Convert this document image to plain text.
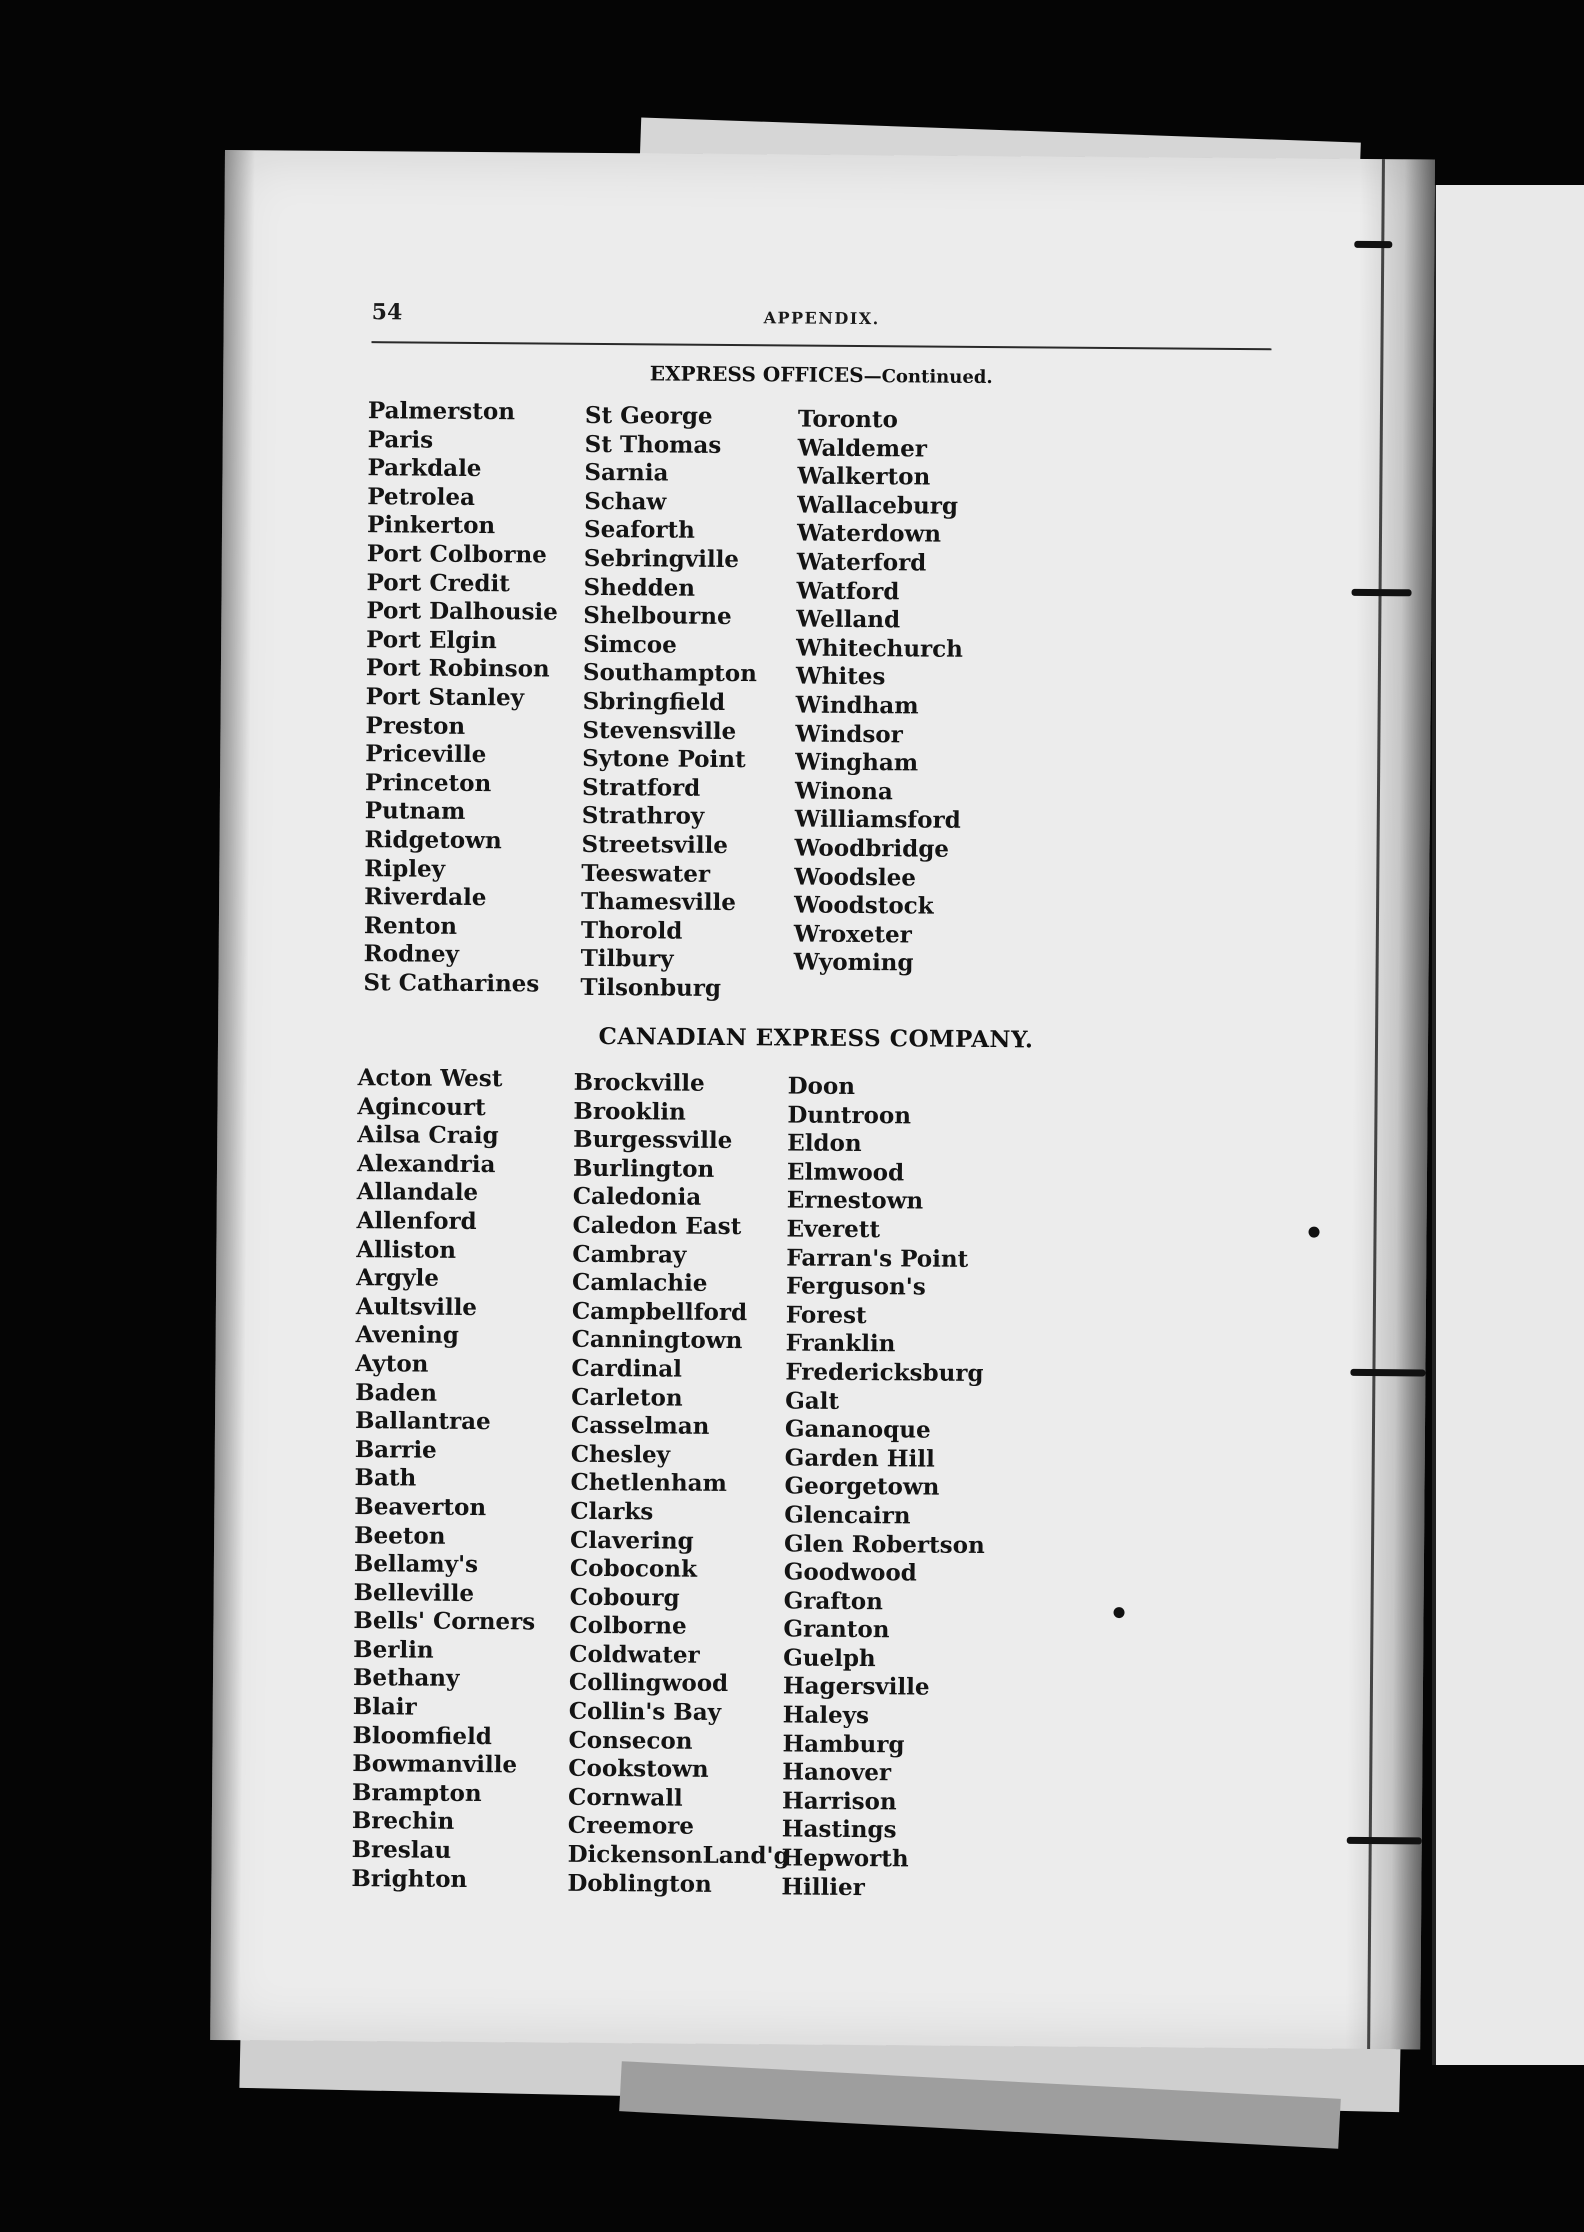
54	APPENDIX.
EXPRESS OFFICES—Continued.
Palmerston
Paris
Parkdale
Petrolea
Pinkerton
Port Colborne
Port Credit
Port Dalhousie
Port Elgin
Port Robinson
Port Stanley
Preston
Priceville
Princeton
Putnam
Ridgetown
Ripley
Riverdale
Renton
Rodney
St Catharines
St George
St Thomas
Sarnia
Schaw
Seaforth
Sebringville
Shedden
Shelbourne
Simcoe
Southampton
Sbringfield
Stevensville
Sytone Point
Stratford
Strathroy
Streetsville
Teeswater
Thamesville
Thorold
Tilbury
Tilsonburg
Toronto
Waldemer
Walkerton
Wallaceburg
Waterdown
Waterford
Watford
Welland
Whitechurch
Whites
Windham
Windsor
Wingham
Winona
Williamsford
Woodbridge
Woodslee
Woodstock
Wroxeter
Wyoming
CANADIAN EXPRESS COMPANY.
Acton West
Agincourt
Ailsa Craig
Alexandria
Allandale
Allenford
Alliston
Argyle
Aultsville
Avening
Ayton
Baden
Ballantrae
Barrie
Bath
Beaverton
Beeton
Bellamy's
Belleville
Bells' Corners
Berlin
Bethany
Blair
Bloomfield
Bowmanville
Brampton
Brechin
Breslau
Brighton
Brockville
Brooklin
Burgessville
Burlington
Caledonia
Caledon East
Cambray
Camlachie
Campbellford
Canningtown
Cardinal
Carleton
Casselman
Chesley
Chetlenham
Clarks
Clavering
Coboconk
Cobourg
Colborne
Coldwater
Collingwood
Collin's Bay
Consecon
Cookstown
Cornwall
Creemore
DickensonLand'g
Doblington
Doon
Duntroon
Eldon
Elmwood
Ernestown
Everett
Farran's Point
Ferguson's
Forest
Franklin
Fredericksburg
Galt
Gananoque
Garden Hill
Georgetown
Glencairn
Glen Robertson
Goodwood
Grafton
Granton
Guelph
Hagersville
Haleys
Hamburg
Hanover
Harrison
Hastings
Hepworth
Hillier
